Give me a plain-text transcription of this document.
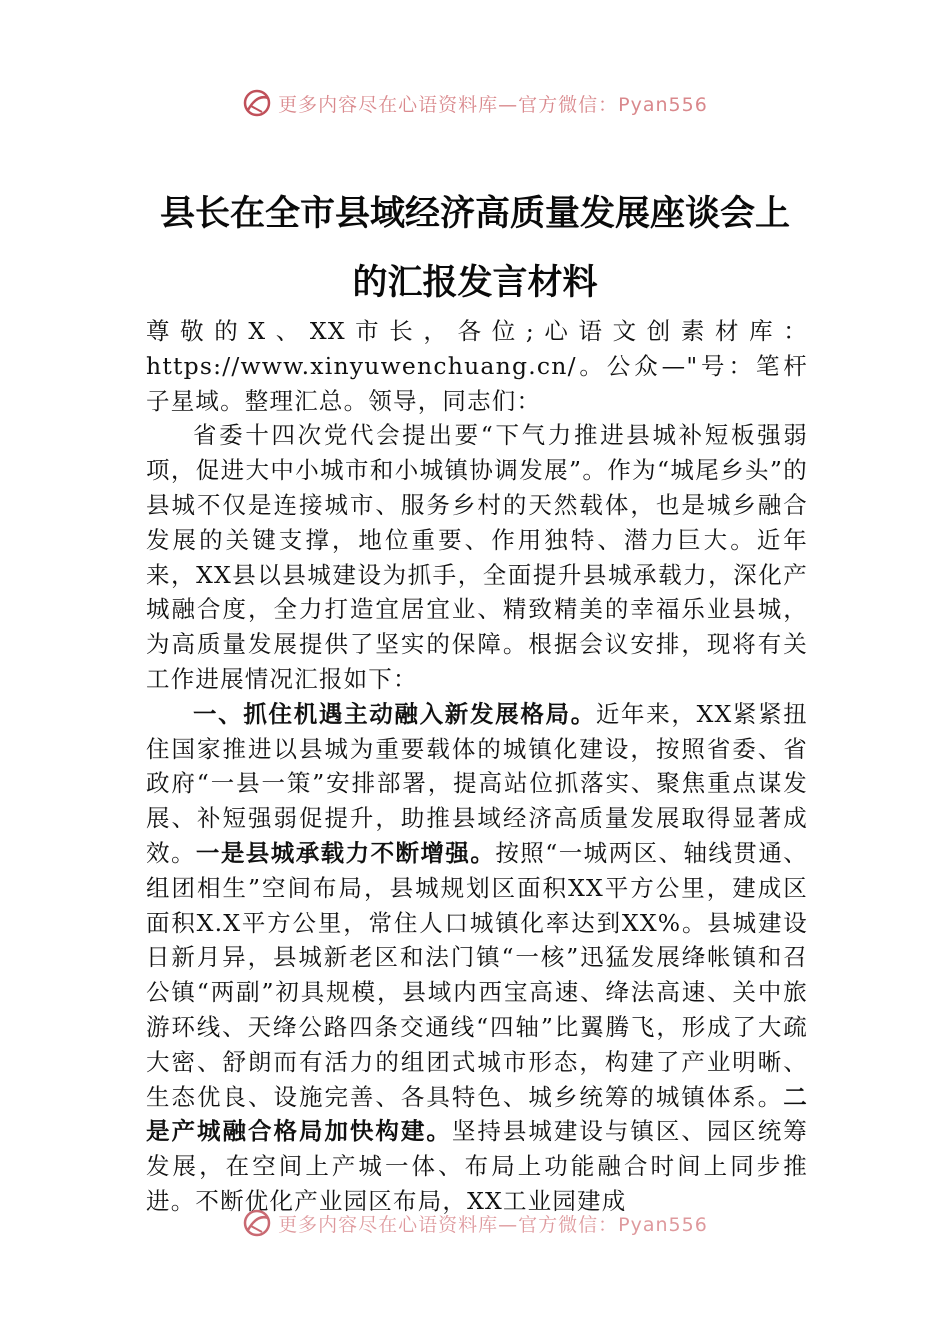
更多内容尽在心语资料库—官方微信：Pyan556
县长在全市县域经济高质量发展座谈会上
的汇报发言材料

尊敬的X、XX市长，各位;心语文创素材库：https://www.xinyuwenchuang.cn/。公众—"号：笔杆子星域。整理汇总。领导，同志们：

省委十四次党代会提出要“下气力推进县城补短板强弱项，促进大中小城市和小城镇协调发展”。作为“城尾乡头”的县城不仅是连接城市、服务乡村的天然载体，也是城乡融合发展的关键支撑，地位重要、作用独特、潜力巨大。近年来，XX县以县城建设为抓手，全面提升县城承载力，深化产城融合度，全力打造宜居宜业、精致精美的幸福乐业县城，为高质量发展提供了坚实的保障。根据会议安排，现将有关工作进展情况汇报如下：

一、抓住机遇主动融入新发展格局。近年来，XX紧紧扭住国家推进以县城为重要载体的城镇化建设，按照省委、省政府“一县一策”安排部署，提高站位抓落实、聚焦重点谋发展、补短强弱促提升，助推县域经济高质量发展取得显著成效。一是县城承载力不断增强。按照“一城两区、轴线贯通、组团相生”空间布局，县城规划区面积XX平方公里，建成区面积X.X平方公里，常住人口城镇化率达到XX%。县城建设日新月异，县城新老区和法门镇“一核”迅猛发展绛帐镇和召公镇“两副”初具规模，县域内西宝高速、绛法高速、关中旅游环线、天绛公路四条交通线“四轴”比翼腾飞，形成了大疏大密、舒朗而有活力的组团式城市形态，构建了产业明晰、生态优良、设施完善、各具特色、城乡统筹的城镇体系。二是产城融合格局加快构建。坚持县城建设与镇区、园区统筹发展，在空间上产城一体、布局上功能融合时间上同步推进。不断优化产业园区布局，XX工业园建成

更多内容尽在心语资料库—官方微信：Pyan556
